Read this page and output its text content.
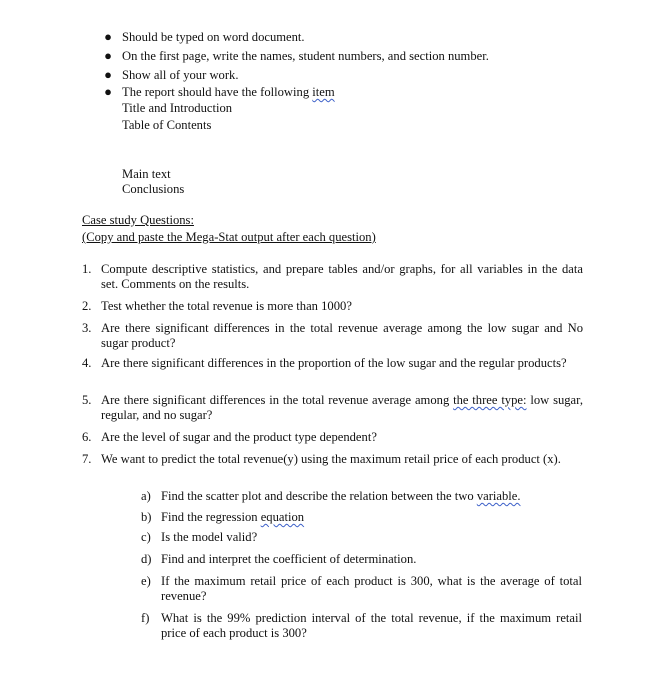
● Should be typed on word document.
● On the first page, write the names, student numbers, and section number.
● Show all of your work.
● The report should have the following item
Title and Introduction
Table of Contents
Main text
Conclusions
Case study Questions:
(Copy and paste the Mega-Stat output after each question)
1. Compute descriptive statistics, and prepare tables and/or graphs, for all variables in the data set. Comments on the results.
2. Test whether the total revenue is more than 1000?
3. Are there significant differences in the total revenue average among the low sugar and No sugar product?
4. Are there significant differences in the proportion of the low sugar and the regular products?
5. Are there significant differences in the total revenue average among the three type: low sugar, regular, and no sugar?
6. Are the level of sugar and the product type dependent?
7. We want to predict the total revenue(y) using the maximum retail price of each product (x).
a) Find the scatter plot and describe the relation between the two variable.
b) Find the regression equation
c) Is the model valid?
d) Find and interpret the coefficient of determination.
e) If the maximum retail price of each product is 300, what is the average of total revenue?
f) What is the 99% prediction interval of the total revenue, if the maximum retail price of each product is 300?
